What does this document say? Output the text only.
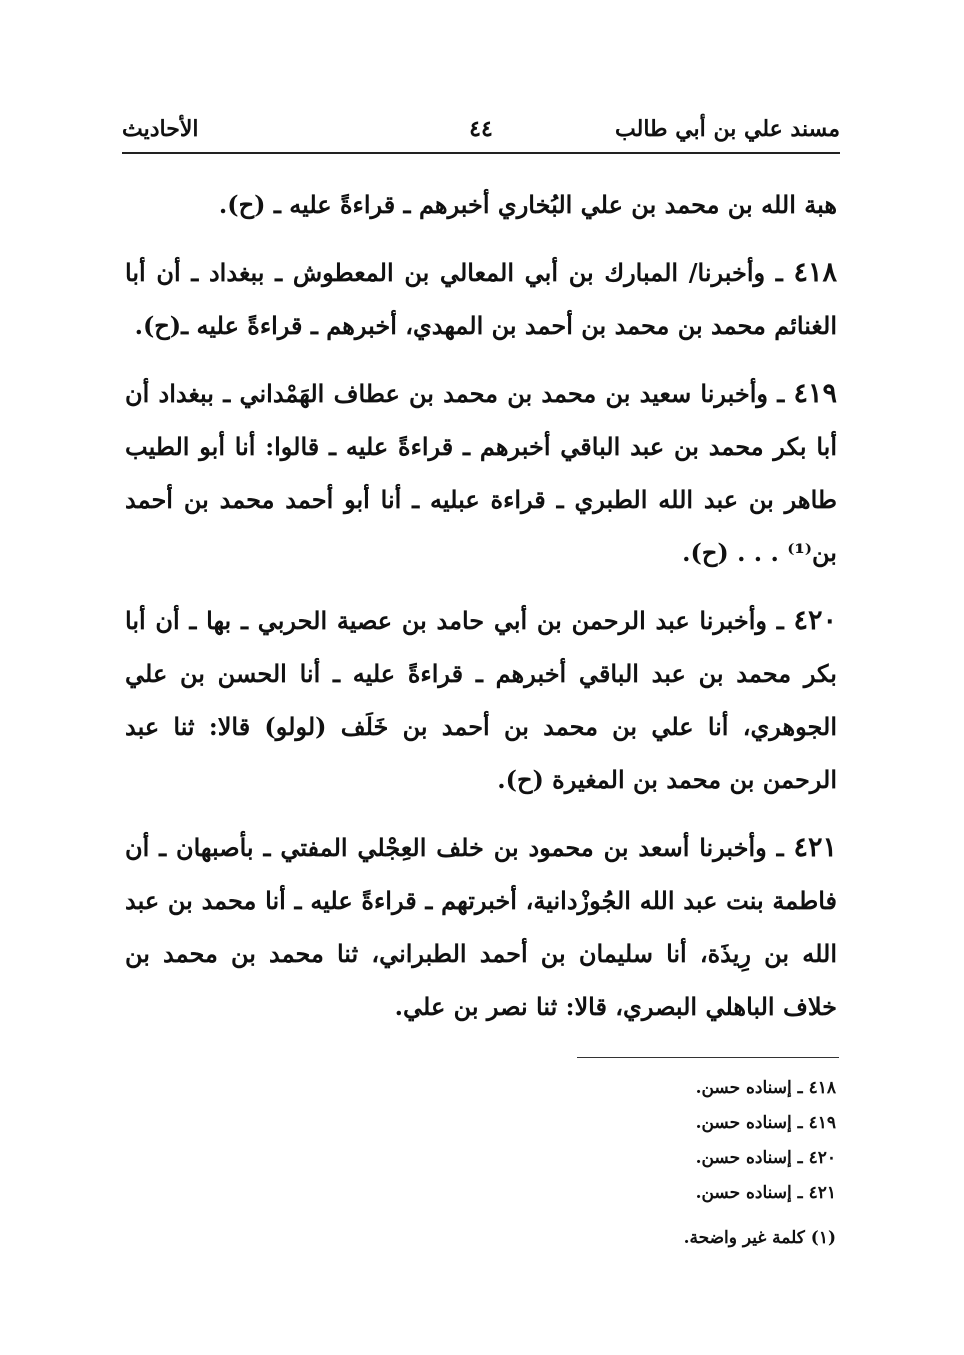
مسند علي بن أبي طالب
٤٤
الأحاديث

هبة الله بن محمد بن علي البُخاري أخبرهم ـ قراءةً عليه ـ (ح).

٤١٨ ـ وأخبرنا/ المبارك بن أبي المعالي بن المعطوش ـ ببغداد ـ أن أبا الغنائم محمد بن محمد بن أحمد بن المهدي، أخبرهم ـ قراءةً عليه ـ(ح).

٤١٩ ـ وأخبرنا سعيد بن محمد بن محمد بن عطاف الهَمْداني ـ ببغداد أن أبا بكر محمد بن عبد الباقي أخبرهم ـ قراءةً عليه ـ قالوا: أنا أبو الطيب طاهر بن عبد الله الطبري ـ قراءة عبليه ـ أنا أبو أحمد محمد بن أحمد بن⁽¹⁾ . . . (ح).

٤٢٠ ـ وأخبرنا عبد الرحمن بن أبي حامد بن عصية الحربي ـ بها ـ أن أبا بكر محمد بن عبد الباقي أخبرهم ـ قراءةً عليه ـ أنا الحسن بن علي الجوهري، أنا علي بن محمد بن أحمد بن خَلَف (لولو) قالا: ثنا عبد الرحمن بن محمد بن المغيرة (ح).

٤٢١ ـ وأخبرنا أسعد بن محمود بن خلف العِجْلي المفتي ـ بأصبهان ـ أن فاطمة بنت عبد الله الجُوزْدانية، أخبرتهم ـ قراءةً عليه ـ أنا محمد بن عبد الله بن رِيذَة، أنا سليمان بن أحمد الطبراني، ثنا محمد بن محمد بن خلاف الباهلي البصري، قالا: ثنا نصر بن علي.

٤١٨ ـ إسناده حسن.
٤١٩ ـ إسناده حسن.
٤٢٠ ـ إسناده حسن.
٤٢١ ـ إسناده حسن.
(١) كلمة غير واضحة.
